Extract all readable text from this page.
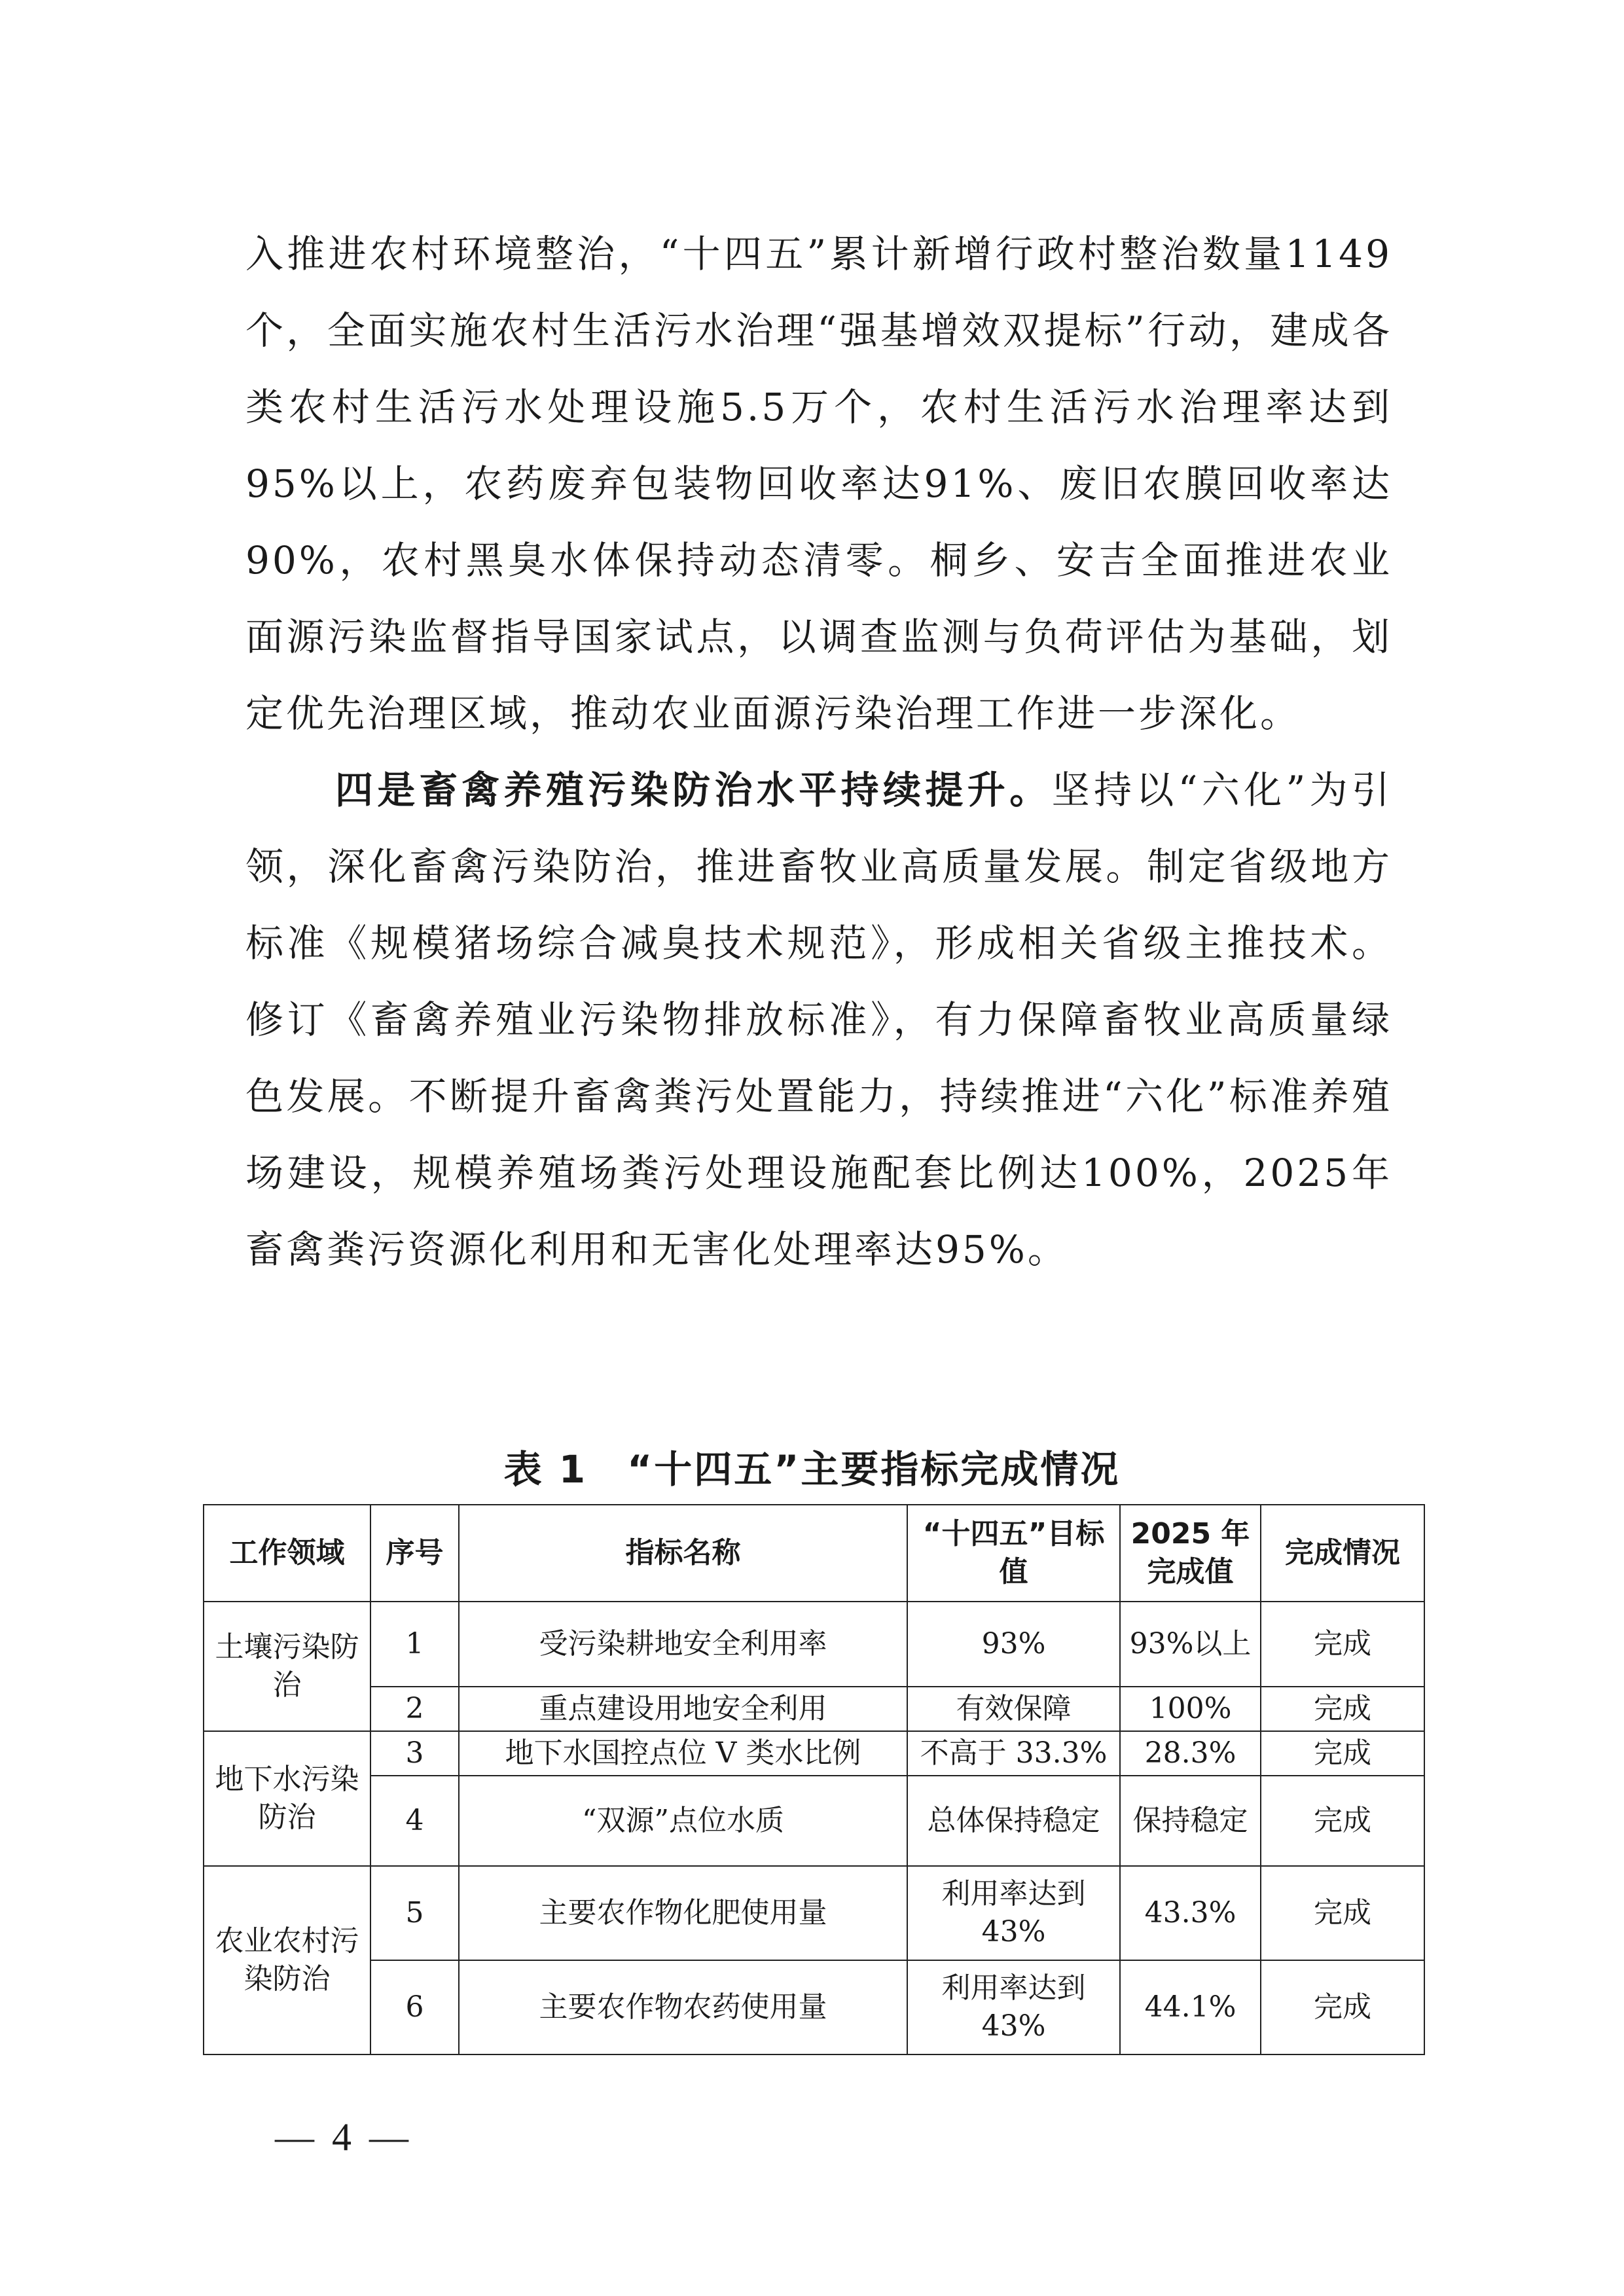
入推进农村环境整治，“十四五”累计新增行政村整治数量1149个，全面实施农村生活污水治理“强基增效双提标”行动，建成各类农村生活污水处理设施5.5万个，农村生活污水治理率达到95%以上，农药废弃包装物回收率达91%、废旧农膜回收率达90%，农村黑臭水体保持动态清零。桐乡、安吉全面推进农业面源污染监督指导国家试点，以调查监测与负荷评估为基础，划定优先治理区域，推动农业面源污染治理工作进一步深化。

四是畜禽养殖污染防治水平持续提升。坚持以“六化”为引领，深化畜禽污染防治，推进畜牧业高质量发展。制定省级地方标准《规模猪场综合减臭技术规范》，形成相关省级主推技术。修订《畜禽养殖业污染物排放标准》，有力保障畜牧业高质量绿色发展。不断提升畜禽粪污处置能力，持续推进“六化”标准养殖场建设，规模养殖场粪污处理设施配套比例达100%，2025年畜禽粪污资源化利用和无害化处理率达95%。

表 1　“十四五”主要指标完成情况
工作领域	序号	指标名称	“十四五”目标值	2025 年完成值	完成情况
土壤污染防治	1	受污染耕地安全利用率	93%	93%以上	完成
	2	重点建设用地安全利用	有效保障	100%	完成
地下水污染防治	3	地下水国控点位 Ⅴ 类水比例	不高于 33.3%	28.3%	完成
	4	“双源”点位水质	总体保持稳定	保持稳定	完成
农业农村污染防治	5	主要农作物化肥使用量	利用率达到43%	43.3%	完成
	6	主要农作物农药使用量	利用率达到43%	44.1%	完成
— 4 —
